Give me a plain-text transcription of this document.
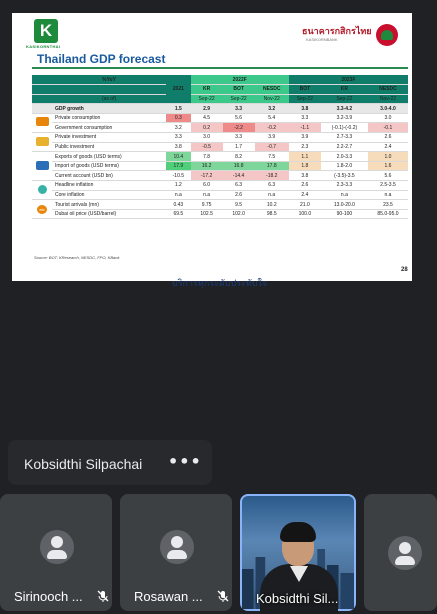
K
KASIKORNTHAI
ธนาคารกสิกรไทย
KASIKORNBANK
Thailand GDP forecast
	%YoY	2021	2022F			2023F		
			KR	BOT	NESDC	BOT	KR	NESDC
	(as of)		Sep-22	Sep-22	Nov-22	Sep-22	Sep-22	Nov-22
	GDP growth	1.5	2.9	3.3	3.2	3.8	3.3-4.2	3.0-4.0
	Private consumption	0.3	4.5	5.6	5.4	3.3	3.2-3.9	3.0
	Government consumption	3.2	0.2	-2.2	-0.2	-1.1	(-0.1)-(-0.2)	-0.1
	Private investment	3.3	3.0	3.3	3.9	3.9	2.7-3.3	2.6
	Public investment	3.8	-0.5	1.7	-0.7	2.3	2.2-2.7	2.4
	Exports of goods (USD terms)	10.4	7.8	8.2	7.5	1.1	2.0-3.3	1.0
	Import of goods (USD terms)	17.9	16.2	16.8	17.8	1.8	1.8-2.0	1.6
	Current account (USD bn)	-10.5	-17.2	-14.4	-18.2	3.8	(-3.5)-3.5	5.6
	Headline inflation	1.2	6.0	6.3	6.3	2.6	2.3-3.3	2.5-3.5
	Core inflation	n.a	n.a	2.6	n.a	2.4	n.a	n.a
etc	Tourist arrivals (mn)	0.43	9.75	9.5	10.2	21.0	13.0-20.0	23.5
	Dubai oil price (USD/barrel)	69.5	102.5	102.0	98.5	100.0	90-100	85.0-95.0
Source: BOT, KResearch, NESDC, FPO, KBank
28
บริการทุกระดับประทับใจ
Kobsidthi Silpachai •••
Sirinooch ...	Rosawan ...	Kobsidthi Sil...
